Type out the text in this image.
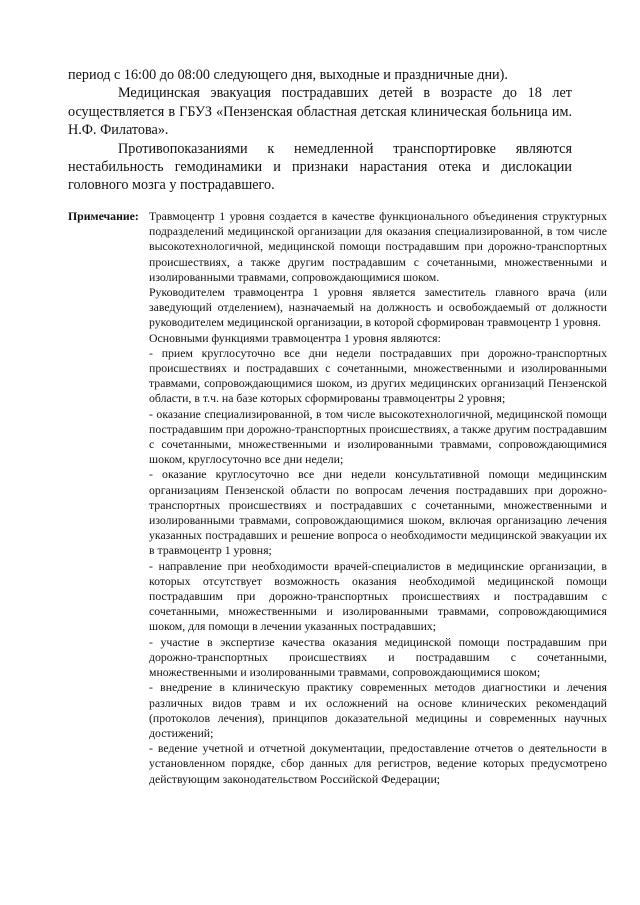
период с 16:00 до 08:00 следующего дня, выходные и праздничные дни).

Медицинская эвакуация пострадавших детей в возрасте до 18 лет осуществляется в ГБУЗ «Пензенская областная детская клиническая больница им. Н.Ф. Филатова».

Противопоказаниями к немедленной транспортировке являются нестабильность гемодинамики и признаки нарастания отека и дислокации головного мозга у пострадавшего.

Примечание: Травмоцентр 1 уровня создается в качестве функционального объединения структурных подразделений медицинской организации для оказания специализированной, в том числе высокотехнологичной, медицинской помощи пострадавшим при дорожно-транспортных происшествиях, а также другим пострадавшим с сочетанными, множественными и изолированными травмами, сопровождающимися шоком.

Руководителем травмоцентра 1 уровня является заместитель главного врача (или заведующий отделением), назначаемый на должность и освобождаемый от должности руководителем медицинской организации, в которой сформирован травмоцентр 1 уровня.

Основными функциями травмоцентра 1 уровня являются:

- прием круглосуточно все дни недели пострадавших при дорожно-транспортных происшествиях и пострадавших с сочетанными, множественными и изолированными травмами, сопровождающимися шоком, из других медицинских организаций Пензенской области, в т.ч. на базе которых сформированы травмоцентры 2 уровня;
- оказание специализированной, в том числе высокотехнологичной, медицинской помощи пострадавшим при дорожно-транспортных происшествиях, а также другим пострадавшим с сочетанными, множественными и изолированными травмами, сопровождающимися шоком, круглосуточно все дни недели;
- оказание круглосуточно все дни недели консультативной помощи медицинским организациям Пензенской области по вопросам лечения пострадавших при дорожно-транспортных происшествиях и пострадавших с сочетанными, множественными и изолированными травмами, сопровождающимися шоком, включая организацию лечения указанных пострадавших и решение вопроса о необходимости медицинской эвакуации их в травмоцентр 1 уровня;
- направление при необходимости врачей-специалистов в медицинские организации, в которых отсутствует возможность оказания необходимой медицинской помощи пострадавшим при дорожно-транспортных происшествиях и пострадавшим с сочетанными, множественными и изолированными травмами, сопровождающимися шоком, для помощи в лечении указанных пострадавших;
- участие в экспертизе качества оказания медицинской помощи пострадавшим при дорожно-транспортных происшествиях и пострадавшим с сочетанными, множественными и изолированными травмами, сопровождающимися шоком;
- внедрение в клиническую практику современных методов диагностики и лечения различных видов травм и их осложнений на основе клинических рекомендаций (протоколов лечения), принципов доказательной медицины и современных научных достижений;
- ведение учетной и отчетной документации, предоставление отчетов о деятельности в установленном порядке, сбор данных для регистров, ведение которых предусмотрено действующим законодательством Российской Федерации;
